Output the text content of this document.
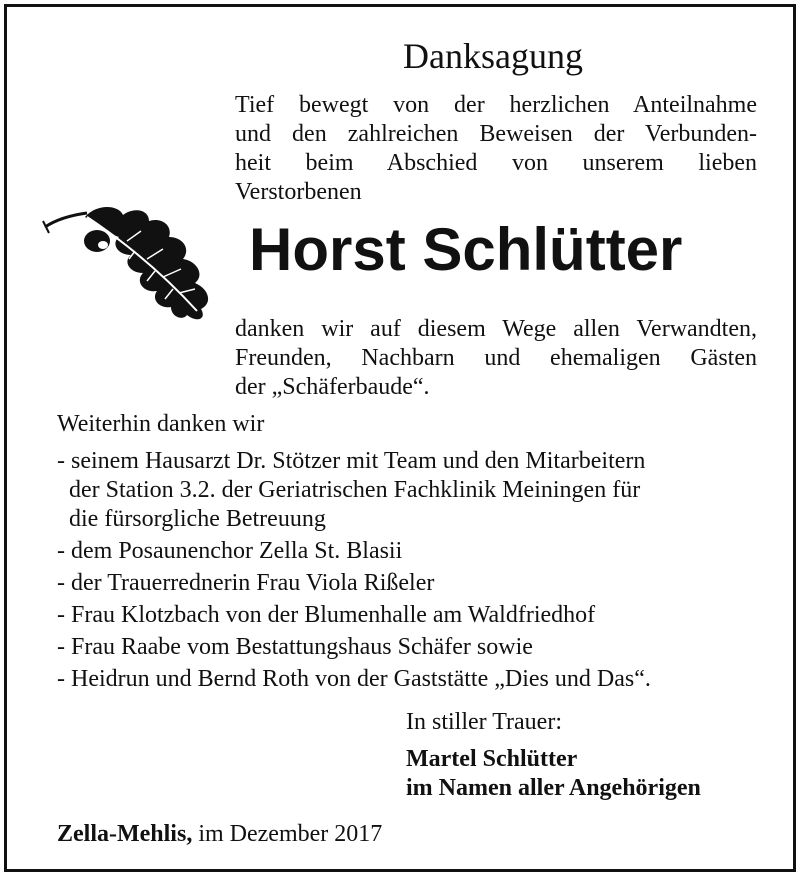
Danksagung
Tief bewegt von der herzlichen Anteilnahme
und den zahlreichen Beweisen der Verbunden-
heit beim Abschied von unserem lieben
Verstorbenen
Horst Schlütter
danken wir auf diesem Wege allen Verwandten,
Freunden, Nachbarn und ehemaligen Gästen
der „Schäferbaude“.
Weiterhin danken wir
- seinem Hausarzt Dr. Stötzer mit Team und den Mitarbeitern
der Station 3.2. der Geriatrischen Fachklinik Meiningen für
die fürsorgliche Betreuung
- dem Posaunenchor Zella St. Blasii
- der Trauerrednerin Frau Viola Rißeler
- Frau Klotzbach von der Blumenhalle am Waldfriedhof
- Frau Raabe vom Bestattungshaus Schäfer sowie
- Heidrun und Bernd Roth von der Gaststätte „Dies und Das“.
In stiller Trauer:
Martel Schlütter
im Namen aller Angehörigen
Zella-Mehlis, im Dezember 2017
